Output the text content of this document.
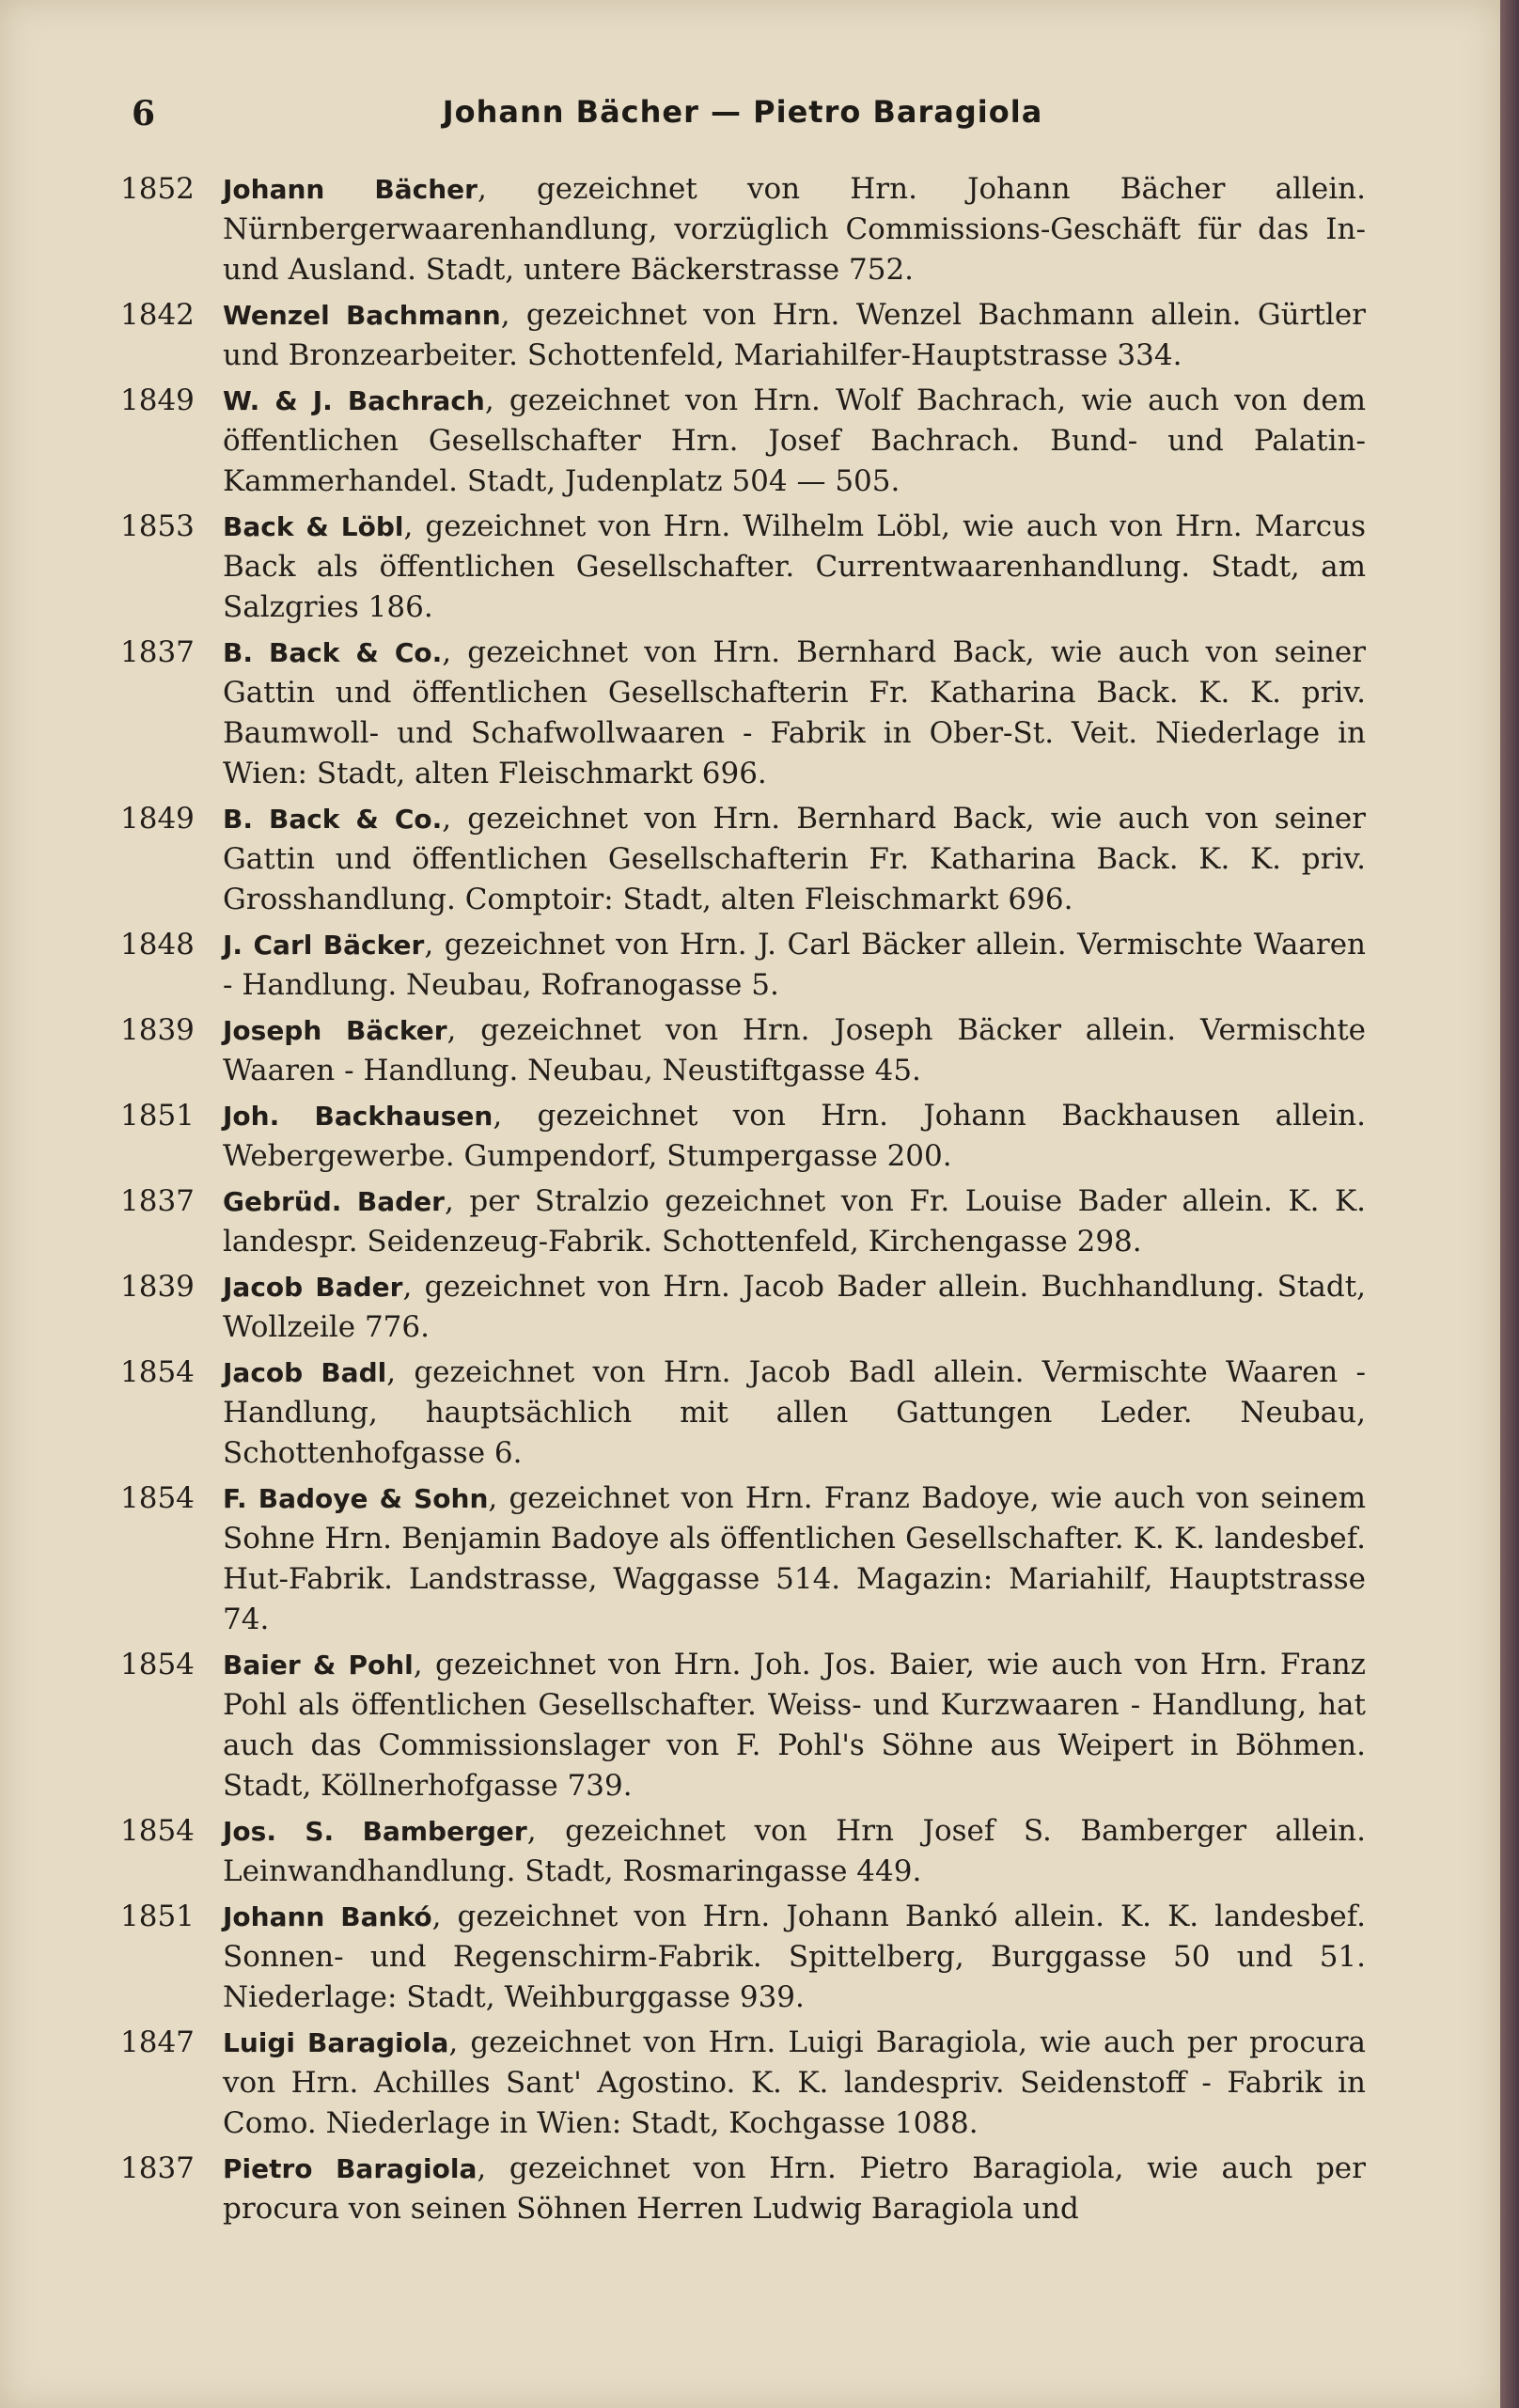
6	Johann Bächer — Pietro Baragiola
1852	Johann Bächer, gezeichnet von Hrn. Johann Bächer allein. Nürnbergerwaarenhandlung, vorzüglich Commissions-Geschäft für das In- und Ausland. Stadt, untere Bäckerstrasse 752.
1842	Wenzel Bachmann, gezeichnet von Hrn. Wenzel Bachmann allein. Gürtler und Bronzearbeiter. Schottenfeld, Mariahilfer-Hauptstrasse 334.
1849	W. & J. Bachrach, gezeichnet von Hrn. Wolf Bachrach, wie auch von dem öffentlichen Gesellschafter Hrn. Josef Bachrach. Bund- und Palatin-Kammerhandel. Stadt, Judenplatz 504 — 505.
1853	Back & Löbl, gezeichnet von Hrn. Wilhelm Löbl, wie auch von Hrn. Marcus Back als öffentlichen Gesellschafter. Currentwaarenhandlung. Stadt, am Salzgries 186.
1837	B. Back & Co., gezeichnet von Hrn. Bernhard Back, wie auch von seiner Gattin und öffentlichen Gesellschafterin Fr. Katharina Back. K. K. priv. Baumwoll- und Schafwollwaaren - Fabrik in Ober-St. Veit. Niederlage in Wien: Stadt, alten Fleischmarkt 696.
1849	B. Back & Co., gezeichnet von Hrn. Bernhard Back, wie auch von seiner Gattin und öffentlichen Gesellschafterin Fr. Katharina Back. K. K. priv. Grosshandlung. Comptoir: Stadt, alten Fleischmarkt 696.
1848	J. Carl Bäcker, gezeichnet von Hrn. J. Carl Bäcker allein. Vermischte Waaren - Handlung. Neubau, Rofranogasse 5.
1839	Joseph Bäcker, gezeichnet von Hrn. Joseph Bäcker allein. Vermischte Waaren - Handlung. Neubau, Neustiftgasse 45.
1851	Joh. Backhausen, gezeichnet von Hrn. Johann Backhausen allein. Webergewerbe. Gumpendorf, Stumpergasse 200.
1837	Gebrüd. Bader, per Stralzio gezeichnet von Fr. Louise Bader allein. K. K. landespr. Seidenzeug-Fabrik. Schottenfeld, Kirchengasse 298.
1839	Jacob Bader, gezeichnet von Hrn. Jacob Bader allein. Buchhandlung. Stadt, Wollzeile 776.
1854	Jacob Badl, gezeichnet von Hrn. Jacob Badl allein. Vermischte Waaren - Handlung, hauptsächlich mit allen Gattungen Leder. Neubau, Schottenhofgasse 6.
1854	F. Badoye & Sohn, gezeichnet von Hrn. Franz Badoye, wie auch von seinem Sohne Hrn. Benjamin Badoye als öffentlichen Gesellschafter. K. K. landesbef. Hut-Fabrik. Landstrasse, Waggasse 514. Magazin: Mariahilf, Hauptstrasse 74.
1854	Baier & Pohl, gezeichnet von Hrn. Joh. Jos. Baier, wie auch von Hrn. Franz Pohl als öffentlichen Gesellschafter. Weiss- und Kurzwaaren - Handlung, hat auch das Commissionslager von F. Pohl's Söhne aus Weipert in Böhmen. Stadt, Köllnerhofgasse 739.
1854	Jos. S. Bamberger, gezeichnet von Hrn Josef S. Bamberger allein. Leinwandhandlung. Stadt, Rosmaringasse 449.
1851	Johann Bankó, gezeichnet von Hrn. Johann Bankó allein. K. K. landesbef. Sonnen- und Regenschirm-Fabrik. Spittelberg, Burggasse 50 und 51. Niederlage: Stadt, Weihburggasse 939.
1847	Luigi Baragiola, gezeichnet von Hrn. Luigi Baragiola, wie auch per procura von Hrn. Achilles Sant' Agostino. K. K. landespriv. Seidenstoff - Fabrik in Como. Niederlage in Wien: Stadt, Kochgasse 1088.
1837	Pietro Baragiola, gezeichnet von Hrn. Pietro Baragiola, wie auch per procura von seinen Söhnen Herren Ludwig Baragiola und
